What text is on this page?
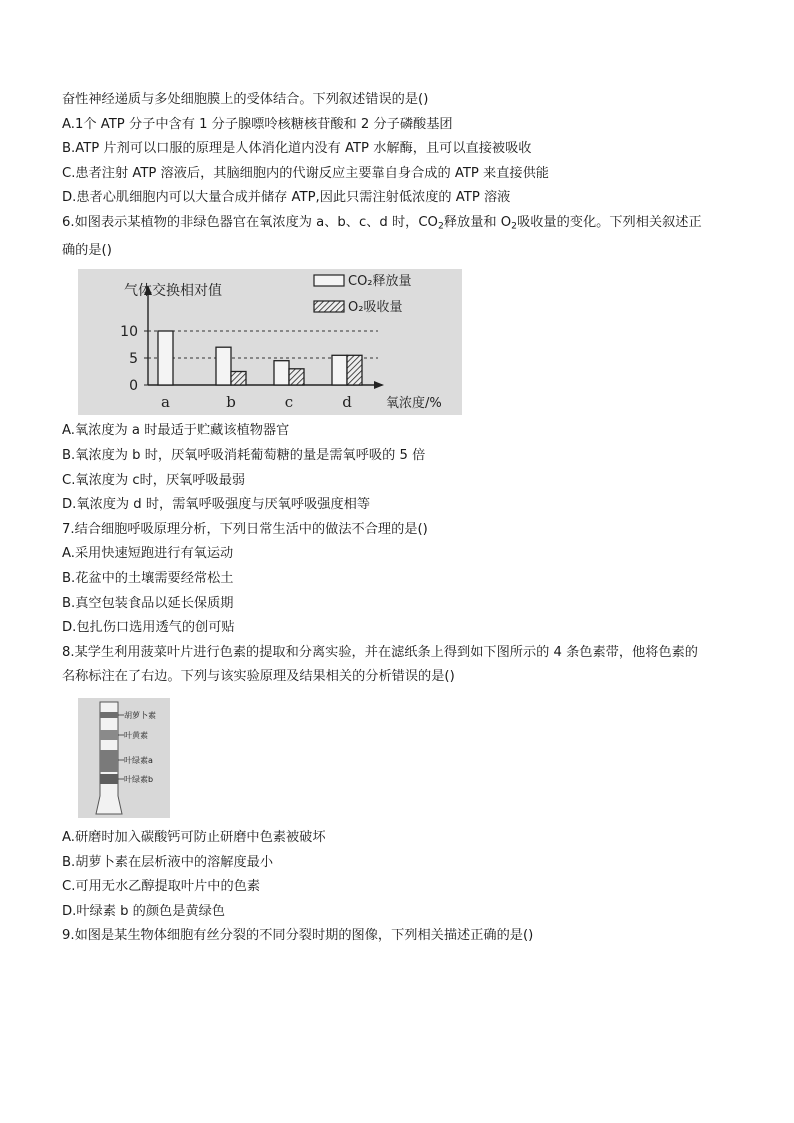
奋性神经递质与多处细胞膜上的受体结合。下列叙述错误的是()
A.1个 ATP 分子中含有 1 分子腺嘌呤核糖核苷酸和 2 分子磷酸基团
B.ATP 片剂可以口服的原理是人体消化道内没有 ATP 水解酶，且可以直接被吸收
C.患者注射 ATP 溶液后，其脑细胞内的代谢反应主要靠自身合成的 ATP 来直接供能
D.患者心肌细胞内可以大量合成并储存 ATP,因此只需注射低浓度的 ATP 溶液
6.如图表示某植物的非绿色器官在氧浓度为 a、b、c、d 时，$CO_2$释放量和 $O_2$吸收量的变化。下列相关叙述正
确的是()
气体交换相对值
氧浓度/%
CO₂释放量
O₂吸收量
0
5
10
a	b	c	d
A.氧浓度为 a 时最适于贮藏该植物器官
B.氧浓度为 b 时，厌氧呼吸消耗葡萄糖的量是需氧呼吸的 5 倍
C.氧浓度为 c时，厌氧呼吸最弱
D.氧浓度为 d 时，需氧呼吸强度与厌氧呼吸强度相等
7.结合细胞呼吸原理分析，下列日常生活中的做法不合理的是()
A.采用快速短跑进行有氧运动
B.花盆中的土壤需要经常松土
B.真空包装食品以延长保质期
D.包扎伤口选用透气的创可贴
8.某学生利用菠菜叶片进行色素的提取和分离实验，并在滤纸条上得到如下图所示的 4 条色素带，他将色素的
名称标注在了右边。下列与该实验原理及结果相关的分析错误的是()
胡萝卜素
叶黄素
叶绿素a
叶绿素b
A.研磨时加入碳酸钙可防止研磨中色素被破坏
B.胡萝卜素在层析液中的溶解度最小
C.可用无水乙醇提取叶片中的色素
D.叶绿素 b 的颜色是黄绿色
9.如图是某生物体细胞有丝分裂的不同分裂时期的图像，下列相关描述正确的是()
